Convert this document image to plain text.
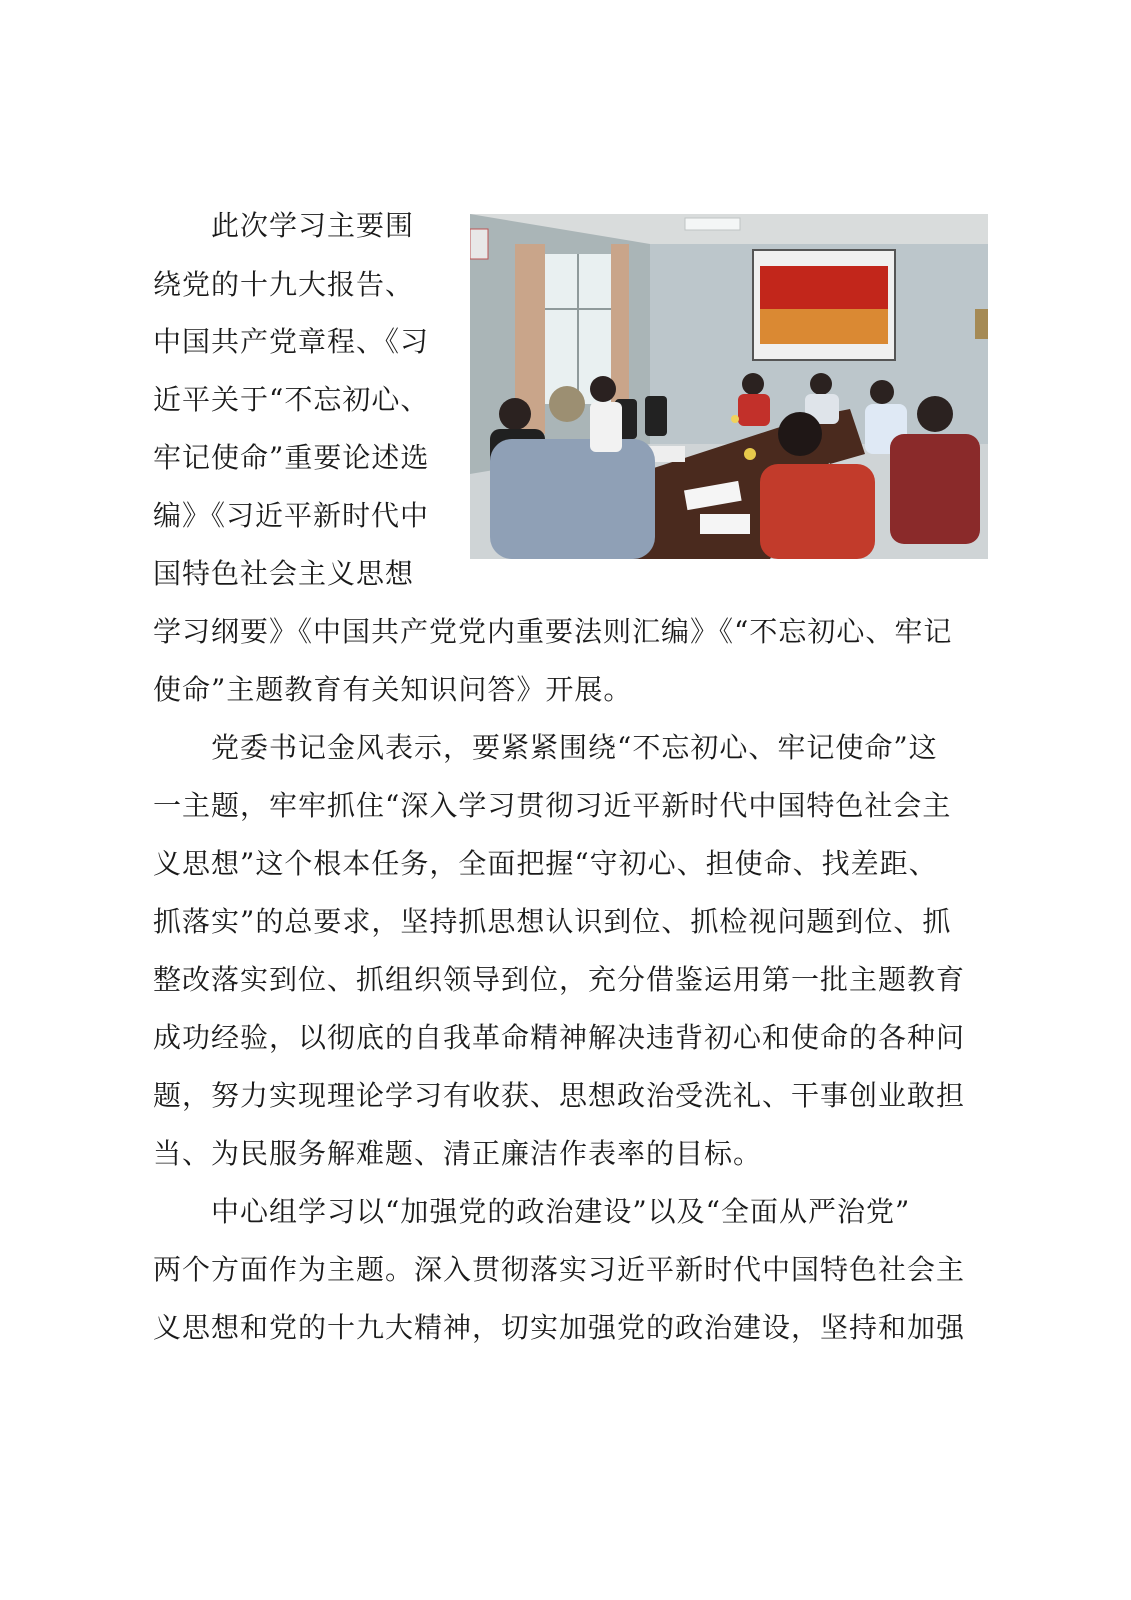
　　此次学习主要围
绕党的十九大报告、
中国共产党章程、《习
近平关于“不忘初心、
牢记使命”重要论述选
编》《习近平新时代中
国特色社会主义思想
学习纲要》《中国共产党党内重要法则汇编》《“不忘初心、牢记
使命”主题教育有关知识问答》开展。
　　党委书记金风表示，要紧紧围绕“不忘初心、牢记使命”这
一主题，牢牢抓住“深入学习贯彻习近平新时代中国特色社会主
义思想”这个根本任务，全面把握“守初心、担使命、找差距、
抓落实”的总要求，坚持抓思想认识到位、抓检视问题到位、抓
整改落实到位、抓组织领导到位，充分借鉴运用第一批主题教育
成功经验，以彻底的自我革命精神解决违背初心和使命的各种问
题，努力实现理论学习有收获、思想政治受洗礼、干事创业敢担
当、为民服务解难题、清正廉洁作表率的目标。
　　中心组学习以“加强党的政治建设”以及“全面从严治党”
两个方面作为主题。深入贯彻落实习近平新时代中国特色社会主
义思想和党的十九大精神，切实加强党的政治建设，坚持和加强
